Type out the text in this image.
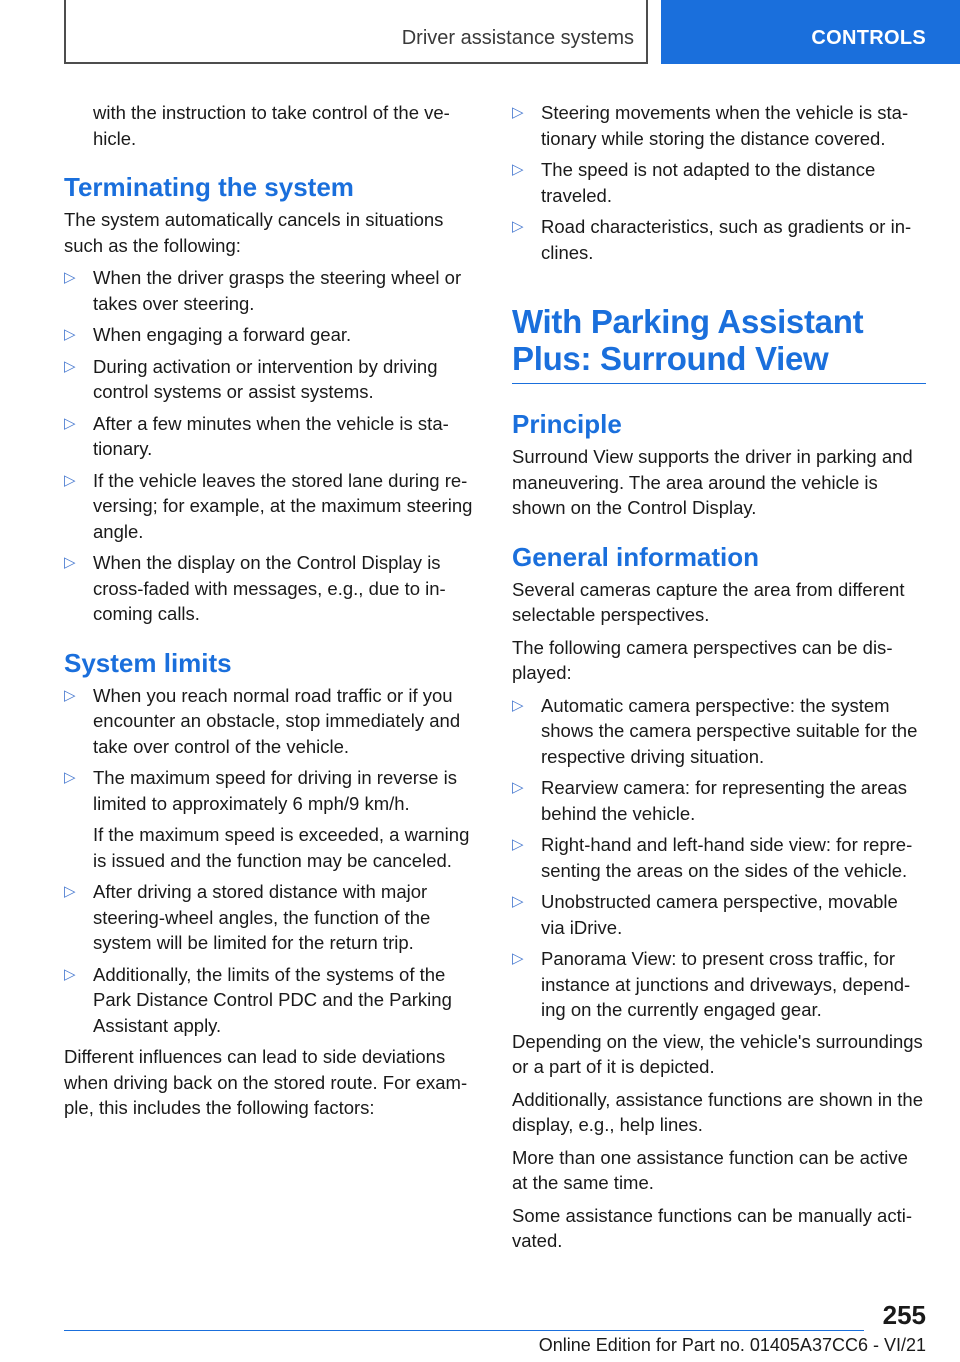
Driver assistance systems	CONTROLS

with the instruction to take control of the vehicle.

Terminating the system

The system automatically cancels in situations such as the following:

▷ When the driver grasps the steering wheel or takes over steering.
▷ When engaging a forward gear.
▷ During activation or intervention by driving control systems or assist systems.
▷ After a few minutes when the vehicle is stationary.
▷ If the vehicle leaves the stored lane during reversing; for example, at the maximum steering angle.
▷ When the display on the Control Display is cross-faded with messages, e.g., due to incoming calls.
System limits
▷ When you reach normal road traffic or if you encounter an obstacle, stop immediately and take over control of the vehicle.
▷ The maximum speed for driving in reverse is limited to approximately 6 mph/9 km/h.

If the maximum speed is exceeded, a warning is issued and the function may be canceled.

▷ After driving a stored distance with major steering-wheel angles, the function of the system will be limited for the return trip.
▷ Additionally, the limits of the systems of the Park Distance Control PDC and the Parking Assistant apply.

Different influences can lead to side deviations when driving back on the stored route. For example, this includes the following factors:

▷ Steering movements when the vehicle is stationary while storing the distance covered.
▷ The speed is not adapted to the distance traveled.
▷ Road characteristics, such as gradients or inclines.
With Parking Assistant Plus: Surround View
Principle

Surround View supports the driver in parking and maneuvering. The area around the vehicle is shown on the Control Display.

General information

Several cameras capture the area from different selectable perspectives.

The following camera perspectives can be displayed:

▷ Automatic camera perspective: the system shows the camera perspective suitable for the respective driving situation.
▷ Rearview camera: for representing the areas behind the vehicle.
▷ Right-hand and left-hand side view: for representing the areas on the sides of the vehicle.
▷ Unobstructed camera perspective, movable via iDrive.
▷ Panorama View: to present cross traffic, for instance at junctions and driveways, depending on the currently engaged gear.

Depending on the view, the vehicle's surroundings or a part of it is depicted.

Additionally, assistance functions are shown in the display, e.g., help lines.

More than one assistance function can be active at the same time.

Some assistance functions can be manually activated.

255
Online Edition for Part no. 01405A37CC6 - VI/21
